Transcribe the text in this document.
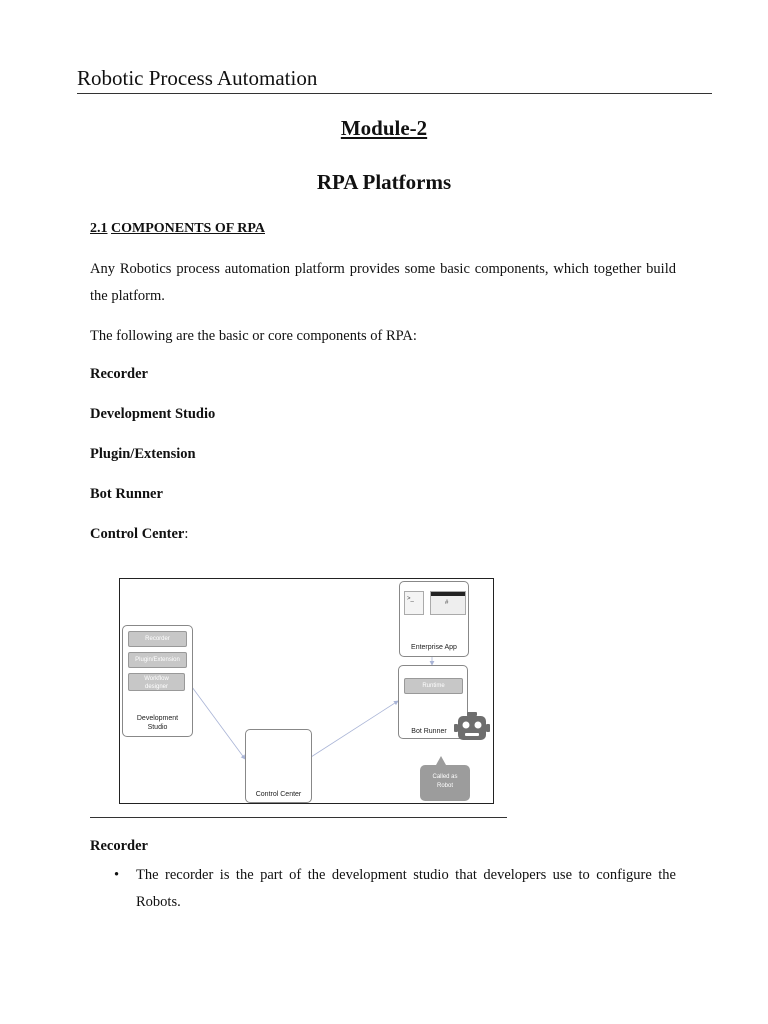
Robotic Process Automation
Module-2
RPA Platforms
2.1 COMPONENTS OF RPA
Any Robotics process automation platform provides some basic components, which together build the platform.
The following are the basic or core components of RPA:
Recorder
Development Studio
Plugin/Extension
Bot Runner
Control Center:
Recorder
Plugin/Extension
Workflow
designer
Development
Studio
Control Center
>_
#
Enterprise App
Runtime
Bot Runner
Called as
Robot
Recorder
• The recorder is the part of the development studio that developers use to configure the Robots.
